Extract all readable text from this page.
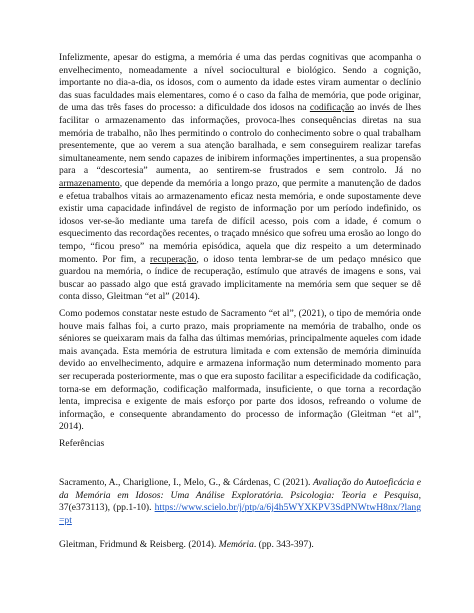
Infelizmente, apesar do estigma, a memória é uma das perdas cognitivas que acompanha o envelhecimento, nomeadamente a nível sociocultural e biológico. Sendo a cognição, importante no dia-a-dia, os idosos, com o aumento da idade estes viram aumentar o declínio das suas faculdades mais elementares, como é o caso da falha de memória, que pode originar, de uma das três fases do processo: a dificuldade dos idosos na codificação ao invés de lhes facilitar o armazenamento das informações, provoca-lhes consequências diretas na sua memória de trabalho, não lhes permitindo o controlo do conhecimento sobre o qual trabalham presentemente, que ao verem a sua atenção baralhada, e sem conseguirem realizar tarefas simultaneamente, nem sendo capazes de inibirem informações impertinentes, a sua propensão para a “descortesia” aumenta, ao sentirem-se frustrados e sem controlo. Já no armazenamento, que depende da memória a longo prazo, que permite a manutenção de dados e efetua trabalhos vitais ao armazenamento eficaz nesta memória, e onde supostamente deve existir uma capacidade infindável de registo de informação por um período indefinido, os idosos ver-se-ão mediante uma tarefa de difícil acesso, pois com a idade, é comum o esquecimento das recordações recentes, o traçado mnésico que sofreu uma erosão ao longo do tempo, “ficou preso” na memória episódica, aquela que diz respeito a um determinado momento. Por fim, a recuperação, o idoso tenta lembrar-se de um pedaço mnésico que guardou na memória, o índice de recuperação, estímulo que através de imagens e sons, vai buscar ao passado algo que está gravado implicitamente na memória sem que sequer se dê conta disso, Gleitman “et al” (2014).

Como podemos constatar neste estudo de Sacramento “et al”, (2021), o tipo de memória onde houve mais falhas foi, a curto prazo, mais propriamente na memória de trabalho, onde os séniores se queixaram mais da falha das últimas memórias, principalmente aqueles com idade mais avançada. Esta memória de estrutura limitada e com extensão de memória diminuída devido ao envelhecimento, adquire e armazena informação num determinado momento para ser recuperada posteriormente, mas o que era suposto facilitar a especificidade da codificação, torna-se em deformação, codificação malformada, insuficiente, o que torna a recordação lenta, imprecisa e exigente de mais esforço por parte dos idosos, refreando o volume de informação, e consequente abrandamento do processo de informação (Gleitman “et al”, 2014).

Referências

Sacramento, A., Chariglione, I., Melo, G., & Cárdenas, C (2021). Avaliação do Autoeficácia e da Memória em Idosos: Uma Análise Exploratória. Psicologia: Teoria e Pesquisa, 37(e373113), (pp.1-10). https://www.scielo.br/j/ptp/a/6j4h5WYXKPV3SdPNWtwH8nx/?lang=pt

Gleitman, Fridmund & Reisberg. (2014). Memória. (pp. 343-397).
